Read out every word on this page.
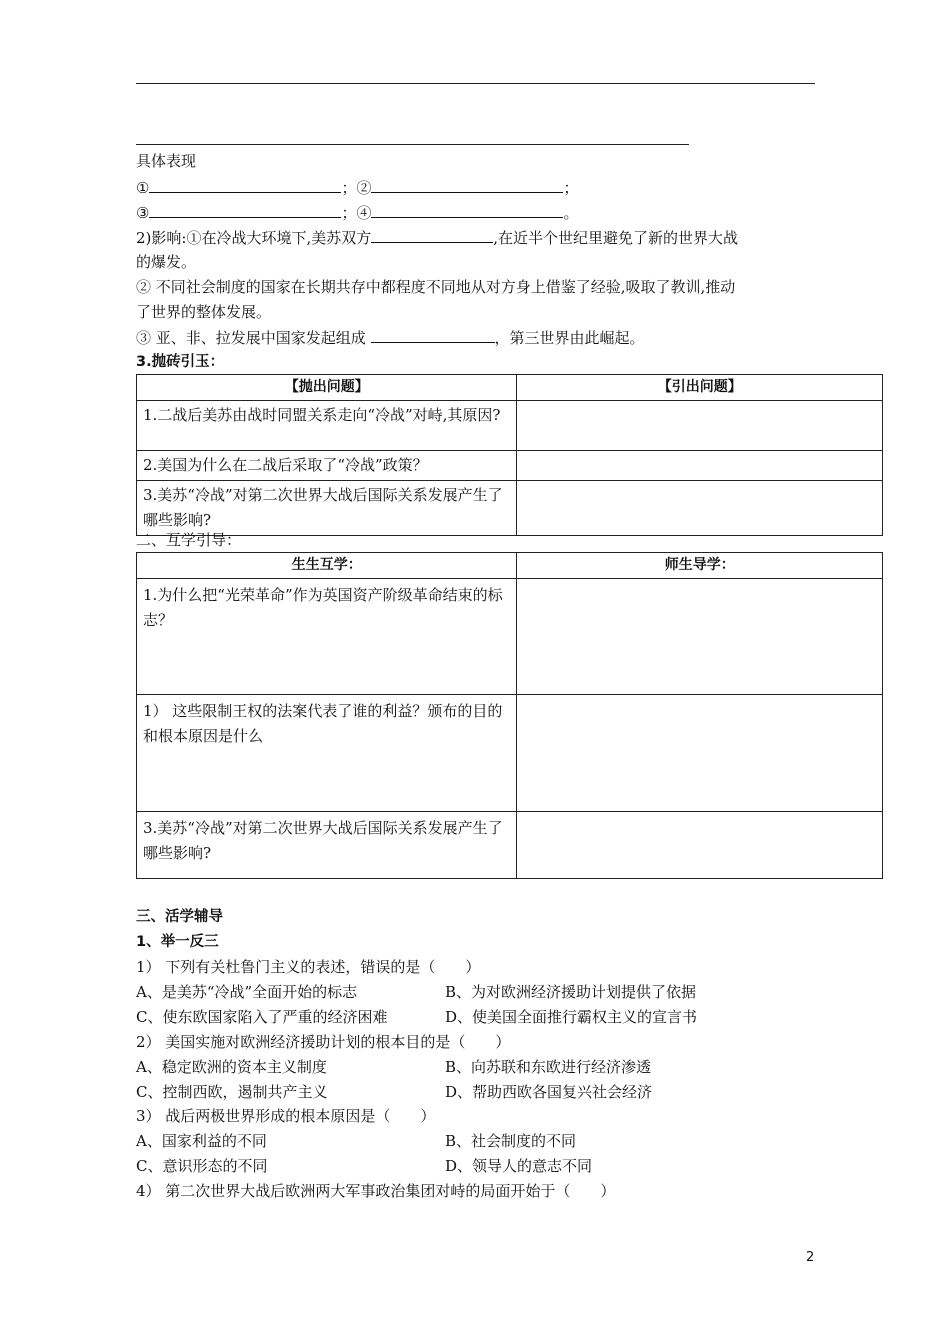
具体表现
①	；②	；
③	；④	。
2)影响:①在冷战大环境下,美苏双方	,在近半个世纪里避免了新的世界大战
的爆发。
② 不同社会制度的国家在长期共存中都程度不同地从对方身上借鉴了经验,吸取了教训,推动
了世界的整体发展。
③ 亚、非、拉发展中国家发起组成	，第三世界由此崛起。
3.抛砖引玉：
【抛出问题】	【引出问题】
1.二战后美苏由战时同盟关系走向“冷战”对峙,其原因?	
2.美国为什么在二战后采取了“冷战”政策？	
3.美苏“冷战”对第二次世界大战后国际关系发展产生了哪些影响?	
二、互学引导：
生生互学：	师生导学：
1.为什么把“光荣革命”作为英国资产阶级革命结束的标志？	
1） 这些限制王权的法案代表了谁的利益？颁布的目的和根本原因是什么	
3.美苏“冷战”对第二次世界大战后国际关系发展产生了哪些影响?	
三、活学辅导
1、举一反三
1） 下列有关杜鲁门主义的表述，错误的是（　　）
A、是美苏“冷战”全面开始的标志	B、为对欧洲经济援助计划提供了依据
C、使东欧国家陷入了严重的经济困难	D、使美国全面推行霸权主义的宣言书
2） 美国实施对欧洲经济援助计划的根本目的是（　　）
A、稳定欧洲的资本主义制度	B、向苏联和东欧进行经济渗透
C、控制西欧，遏制共产主义	D、帮助西欧各国复兴社会经济
3） 战后两极世界形成的根本原因是（　　）
A、国家利益的不同	B、社会制度的不同
C、意识形态的不同	D、领导人的意志不同
4） 第二次世界大战后欧洲两大军事政治集团对峙的局面开始于（　　）
2
